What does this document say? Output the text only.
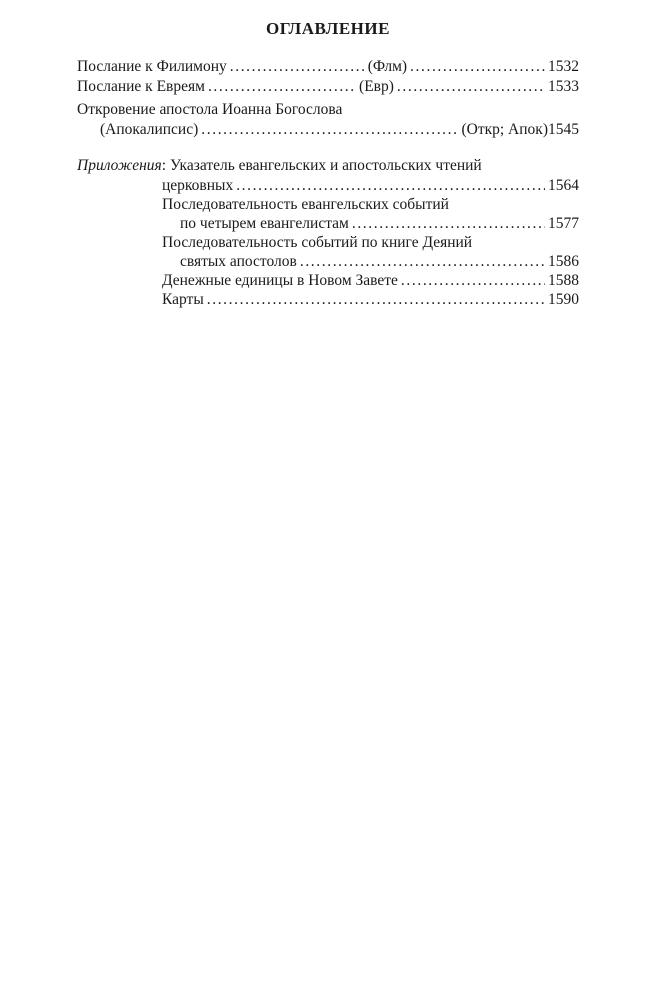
ОГЛАВЛЕНИЕ
Послание к Филимону .....	(Флм) .....	1532
Послание к Евреям .....	(Евр) .....	1533
Откровение апостола Иоанна Богослова
(Апокалипсис) .....	(Откр; Апок) 1545
Приложения: Указатель евангельских и апостольских чтений
церковных .....	1564
Последовательность евангельских событий
по четырем евангелистам .....	1577
Последовательность событий по книге Деяний
святых апостолов .....	1586
Денежные единицы в Новом Завете .....	1588
Карты .....	1590
